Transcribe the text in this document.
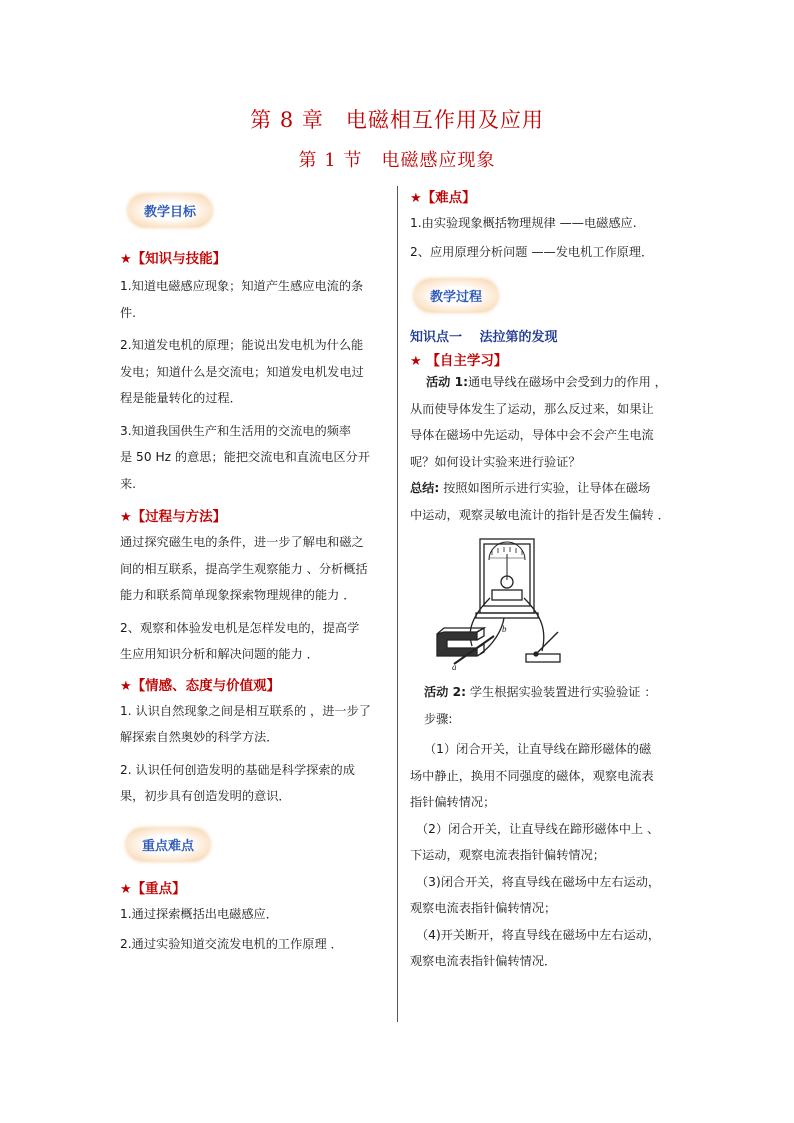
第 8 章　电磁相互作用及应用
第 1 节　电磁感应现象
教学目标
★【知识与技能】

1.知道电磁感应现象；知道产生感应电流的条

件.

2.知道发电机的原理；能说出发电机为什么能

发电；知道什么是交流电；知道发电机发电过

程是能量转化的过程．

3.知道我国供生产和生活用的交流电的频率

是 50 Hz 的意思；能把交流电和直流电区分开

来.

★【过程与方法】

通过探究磁生电的条件，进一步了解电和磁之

间的相互联系，提高学生观察能力 、分析概括

能力和联系简单现象探索物理规律的能力 ．

2、观察和体验发电机是怎样发电的，提高学

生应用知识分析和解决问题的能力 ．

★【情感、态度与价值观】

1. 认识自然现象之间是相互联系的 ，进一步了

解探索自然奥妙的科学方法．

2. 认识任何创造发明的基础是科学探索的成

果，初步具有创造发明的意识．

重点难点
★【重点】

1.通过探索概括出电磁感应．

2.通过实验知道交流发电机的工作原理 ．

★【难点】

1.由实验现象概括物理规律 ——电磁感应.

2、应用原理分析问题 ——发电机工作原理．

教学过程
知识点一　 法拉第的发现
★ 【自主学习】

活动 1:通电导线在磁场中会受到力的作用 ，

从而使导体发生了运动，那么反过来，如果让

导体在磁场中先运动，导体中会不会产生电流

呢？如何设计实验来进行验证？

总结: 按照如图所示进行实验，让导体在磁场

中运动，观察灵敏电流计的指针是否发生偏转 ．

a
b

活动 2: 学生根据实验装置进行实验验证 ：

步骤:

（1）闭合开关，让直导线在蹄形磁体的磁

场中静止，换用不同强度的磁体，观察电流表

指针偏转情况；

（2）闭合开关，让直导线在蹄形磁体中上 、

下运动，观察电流表指针偏转情况；

（3)闭合开关，将直导线在磁场中左右运动，

观察电流表指针偏转情况；

（4)开关断开，将直导线在磁场中左右运动，

观察电流表指针偏转情况．
